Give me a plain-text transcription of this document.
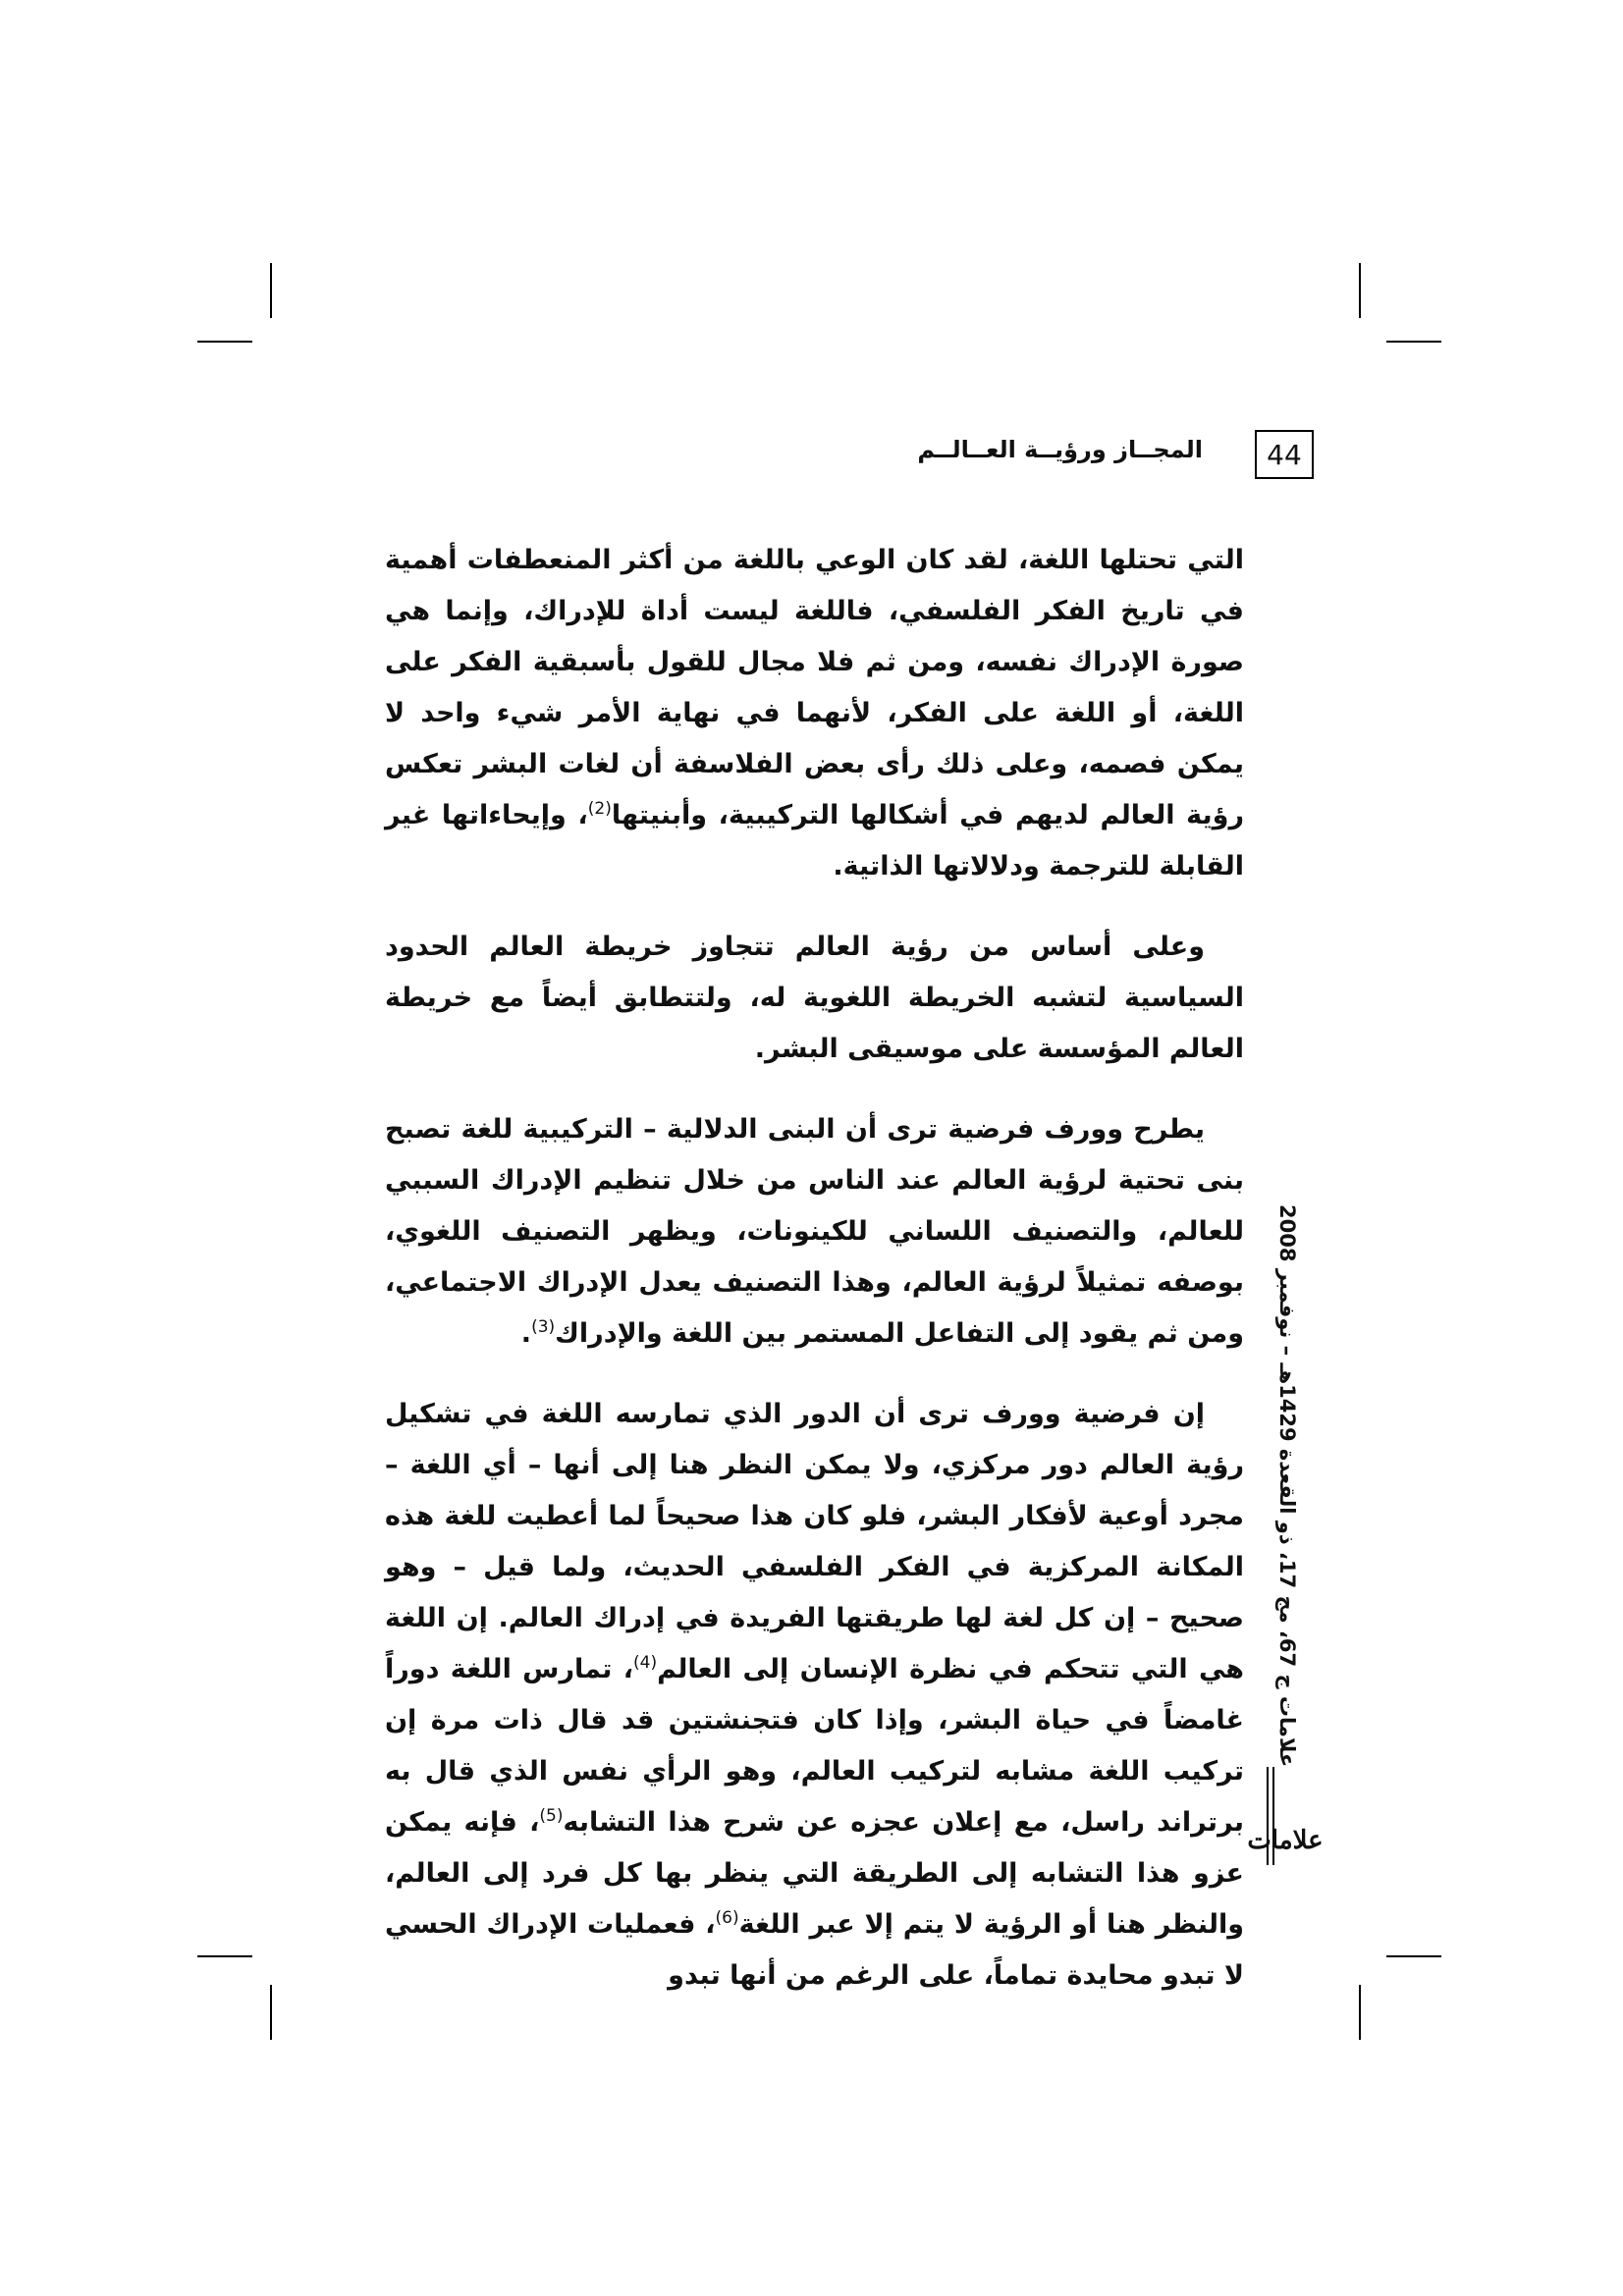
44
المجــاز ورؤيــة العــالــم

التي تحتلها اللغة، لقد كان الوعي باللغة من أكثر المنعطفات أهمية في تاريخ الفكر الفلسفي، فاللغة ليست أداة للإدراك، وإنما هي صورة الإدراك نفسه، ومن ثم فلا مجال للقول بأسبقية الفكر على اللغة، أو اللغة على الفكر، لأنهما في نهاية الأمر شيء واحد لا يمكن فصمه، وعلى ذلك رأى بعض الفلاسفة أن لغات البشر تعكس رؤية العالم لديهم في أشكالها التركيبية، وأبنيتها$^{(2)}$، وإيحاءاتها غير القابلة للترجمة ودلالاتها الذاتية.

وعلى أساس من رؤية العالم تتجاوز خريطة العالم الحدود السياسية لتشبه الخريطة اللغوية له، ولتتطابق أيضاً مع خريطة العالم المؤسسة على موسيقى البشر.

يطرح وورف فرضية ترى أن البنى الدلالية – التركيبية للغة تصبح بنى تحتية لرؤية العالم عند الناس من خلال تنظيم الإدراك السببي للعالم، والتصنيف اللساني للكينونات، ويظهر التصنيف اللغوي، بوصفه تمثيلاً لرؤية العالم، وهذا التصنيف يعدل الإدراك الاجتماعي، ومن ثم يقود إلى التفاعل المستمر بين اللغة والإدراك$^{(3)}$.

إن فرضية وورف ترى أن الدور الذي تمارسه اللغة في تشكيل رؤية العالم دور مركزي، ولا يمكن النظر هنا إلى أنها – أي اللغة – مجرد أوعية لأفكار البشر، فلو كان هذا صحيحاً لما أعطيت للغة هذه المكانة المركزية في الفكر الفلسفي الحديث، ولما قيل – وهو صحيح – إن كل لغة لها طريقتها الفريدة في إدراك العالم. إن اللغة هي التي تتحكم في نظرة الإنسان إلى العالم$^{(4)}$، تمارس اللغة دوراً غامضاً في حياة البشر، وإذا كان فتجنشتين قد قال ذات مرة إن تركيب اللغة مشابه لتركيب العالم، وهو الرأي نفس الذي قال به برتراند راسل، مع إعلان عجزه عن شرح هذا التشابه$^{(5)}$، فإنه يمكن عزو هذا التشابه إلى الطريقة التي ينظر بها كل فرد إلى العالم، والنظر هنا أو الرؤية لا يتم إلا عبر اللغة$^{(6)}$، فعمليات الإدراك الحسي لا تبدو محايدة تماماً، على الرغم من أنها تبدو

علامات ج 67، مج 17، ذو القعدة 1429هـ – نوفمبر 2008
علامات
